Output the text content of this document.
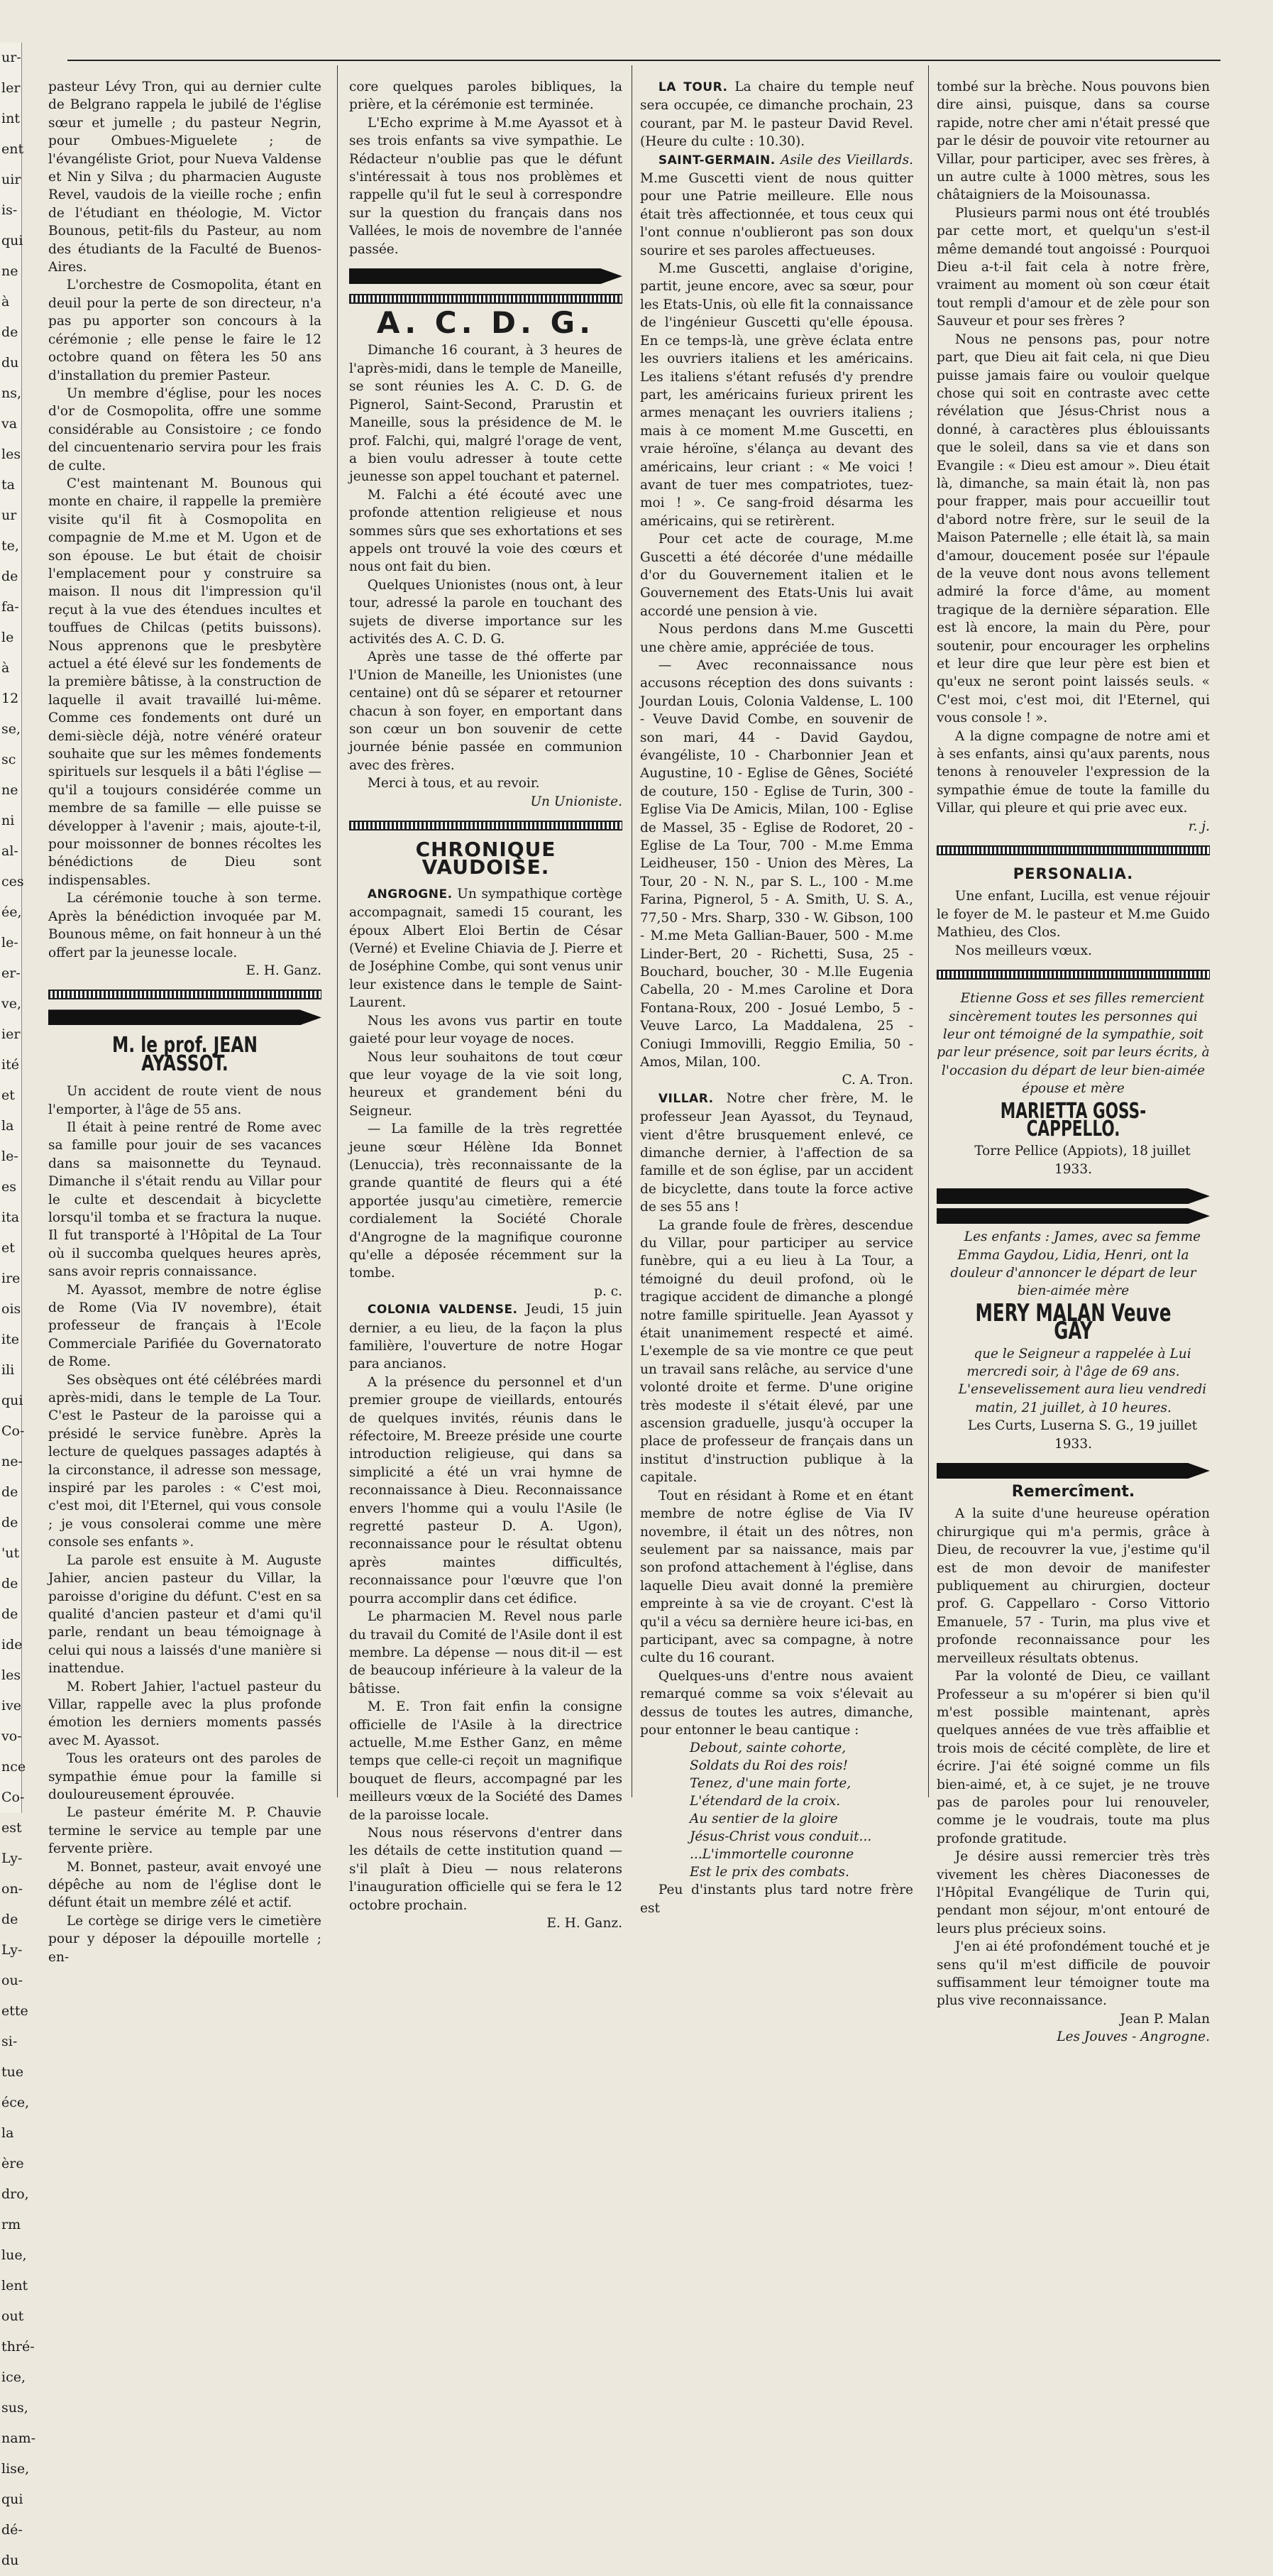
ur-
ler
int
ent
uir
is-
qui
ne
à
de
du
ns,
va
les
ta
ur
te,
de
fa-
le
à
12
se,
sc
ne
ni
al-
ces
ée,
le-
er-
ve,
ier
ité
et
la
le-
es
ita
et
ire
ois
ite
ili
qui
Co-
ne-
de
de
'ut
de
de
ide
les
ive
vo-
nce
Co-
est
Ly-
on-
de
Ly-
ou-
ette
si-
tue
éce,
la
ère
dro,
rm
lue,
lent
out
thré-
ice,
sus,
nam-
lise,
qui
dé-
du

pasteur Lévy Tron, qui au dernier culte de Belgrano rappela le jubilé de l'église sœur et jumelle ; du pasteur Negrin, pour Ombues-Miguelete ; de l'évangéliste Griot, pour Nueva Valdense et Nin y Silva ; du pharmacien Auguste Revel, vaudois de la vieille roche ; enfin de l'étudiant en théologie, M. Victor Bounous, petit-fils du Pasteur, au nom des étudiants de la Faculté de Buenos-Aires.

L'orchestre de Cosmopolita, étant en deuil pour la perte de son directeur, n'a pas pu apporter son concours à la cérémonie ; elle pense le faire le 12 octobre quand on fêtera les 50 ans d'installation du premier Pasteur.

Un membre d'église, pour les noces d'or de Cosmopolita, offre une somme considérable au Consistoire ; ce fondo del cincuentenario servira pour les frais de culte.

C'est maintenant M. Bounous qui monte en chaire, il rappelle la première visite qu'il fit à Cosmopolita en compagnie de M.me et M. Ugon et de son épouse. Le but était de choisir l'emplacement pour y construire sa maison. Il nous dit l'impression qu'il reçut à la vue des étendues incultes et touffues de Chilcas (petits buissons). Nous apprenons que le presbytère actuel a été élevé sur les fondements de la première bâtisse, à la construction de laquelle il avait travaillé lui-même. Comme ces fondements ont duré un demi-siècle déjà, notre vénéré orateur souhaite que sur les mêmes fondements spirituels sur lesquels il a bâti l'église — qu'il a toujours considérée comme un membre de sa famille — elle puisse se développer à l'avenir ; mais, ajoute-t-il, pour moissonner de bonnes récoltes les bénédictions de Dieu sont indispensables.

La cérémonie touche à son terme. Après la bénédiction invoquée par M. Bounous même, on fait honneur à un thé offert par la jeunesse locale.

E. H. Ganz.

M. le prof. JEAN AYASSOT.

Un accident de route vient de nous l'emporter, à l'âge de 55 ans.

Il était à peine rentré de Rome avec sa famille pour jouir de ses vacances dans sa maisonnette du Teynaud. Dimanche il s'était rendu au Villar pour le culte et descendait à bicyclette lorsqu'il tomba et se fractura la nuque. Il fut transporté à l'Hôpital de La Tour où il succomba quelques heures après, sans avoir repris connaissance.

M. Ayassot, membre de notre église de Rome (Via IV novembre), était professeur de français à l'Ecole Commerciale Parifiée du Governatorato de Rome.

Ses obsèques ont été célébrées mardi après-midi, dans le temple de La Tour. C'est le Pasteur de la paroisse qui a présidé le service funèbre. Après la lecture de quelques passages adaptés à la circonstance, il adresse son message, inspiré par les paroles : « C'est moi, c'est moi, dit l'Eternel, qui vous console ; je vous consolerai comme une mère console ses enfants ».

La parole est ensuite à M. Auguste Jahier, ancien pasteur du Villar, la paroisse d'origine du défunt. C'est en sa qualité d'ancien pasteur et d'ami qu'il parle, rendant un beau témoignage à celui qui nous a laissés d'une manière si inattendue.

M. Robert Jahier, l'actuel pasteur du Villar, rappelle avec la plus profonde émotion les derniers moments passés avec M. Ayassot.

Tous les orateurs ont des paroles de sympathie émue pour la famille si douloureusement éprouvée.

Le pasteur émérite M. P. Chauvie termine le service au temple par une fervente prière.

M. Bonnet, pasteur, avait envoyé une dépêche au nom de l'église dont le défunt était un membre zélé et actif.

Le cortège se dirige vers le cimetière pour y déposer la dépouille mortelle ; en-

core quelques paroles bibliques, la prière, et la cérémonie est terminée.

L'Echo exprime à M.me Ayassot et à ses trois enfants sa vive sympathie. Le Rédacteur n'oublie pas que le défunt s'intéressait à tous nos problèmes et rappelle qu'il fut le seul à correspondre sur la question du français dans nos Vallées, le mois de novembre de l'année passée.

A. C. D. G.

Dimanche 16 courant, à 3 heures de l'après-midi, dans le temple de Maneille, se sont réunies les A. C. D. G. de Pignerol, Saint-Second, Prarustin et Maneille, sous la présidence de M. le prof. Falchi, qui, malgré l'orage de vent, a bien voulu adresser à toute cette jeunesse son appel touchant et paternel.

M. Falchi a été écouté avec une profonde attention religieuse et nous sommes sûrs que ses exhortations et ses appels ont trouvé la voie des cœurs et nous ont fait du bien.

Quelques Unionistes (nous ont, à leur tour, adressé la parole en touchant des sujets de diverse importance sur les activités des A. C. D. G.

Après une tasse de thé offerte par l'Union de Maneille, les Unionistes (une centaine) ont dû se séparer et retourner chacun à son foyer, en emportant dans son cœur un bon souvenir de cette journée bénie passée en communion avec des frères.

Merci à tous, et au revoir.

Un Unioniste.

CHRONIQUE VAUDOISE.

ANGROGNE. Un sympathique cortège accompagnait, samedi 15 courant, les époux Albert Eloi Bertin de César (Verné) et Eveline Chiavia de J. Pierre et de Joséphine Combe, qui sont venus unir leur existence dans le temple de Saint-Laurent.

Nous les avons vus partir en toute gaieté pour leur voyage de noces.

Nous leur souhaitons de tout cœur que leur voyage de la vie soit long, heureux et grandement béni du Seigneur.

— La famille de la très regrettée jeune sœur Hélène Ida Bonnet (Lenuccia), très reconnaissante de la grande quantité de fleurs qui a été apportée jusqu'au cimetière, remercie cordialement la Société Chorale d'Angrogne de la magnifique couronne qu'elle a déposée récemment sur la tombe.

p. c.

COLONIA VALDENSE. Jeudi, 15 juin dernier, a eu lieu, de la façon la plus familière, l'ouverture de notre Hogar para ancianos.

A la présence du personnel et d'un premier groupe de vieillards, entourés de quelques invités, réunis dans le réfectoire, M. Breeze préside une courte introduction religieuse, qui dans sa simplicité a été un vrai hymne de reconnaissance à Dieu. Reconnaissance envers l'homme qui a voulu l'Asile (le regretté pasteur D. A. Ugon), reconnaissance pour le résultat obtenu après maintes difficultés, reconnaissance pour l'œuvre que l'on pourra accomplir dans cet édifice.

Le pharmacien M. Revel nous parle du travail du Comité de l'Asile dont il est membre. La dépense — nous dit-il — est de beaucoup inférieure à la valeur de la bâtisse.

M. E. Tron fait enfin la consigne officielle de l'Asile à la directrice actuelle, M.me Esther Ganz, en même temps que celle-ci reçoit un magnifique bouquet de fleurs, accompagné par les meilleurs vœux de la Société des Dames de la paroisse locale.

Nous nous réservons d'entrer dans les détails de cette institution quand — s'il plaît à Dieu — nous relaterons l'inauguration officielle qui se fera le 12 octobre prochain.

E. H. Ganz.

LA TOUR. La chaire du temple neuf sera occupée, ce dimanche prochain, 23 courant, par M. le pasteur David Revel. (Heure du culte : 10.30).

SAINT-GERMAIN. Asile des Vieillards. M.me Guscetti vient de nous quitter pour une Patrie meilleure. Elle nous était très affectionnée, et tous ceux qui l'ont connue n'oublieront pas son doux sourire et ses paroles affectueuses.

M.me Guscetti, anglaise d'origine, partit, jeune encore, avec sa sœur, pour les Etats-Unis, où elle fit la connaissance de l'ingénieur Guscetti qu'elle épousa. En ce temps-là, une grève éclata entre les ouvriers italiens et les américains. Les italiens s'étant refusés d'y prendre part, les américains furieux prirent les armes menaçant les ouvriers italiens ; mais à ce moment M.me Guscetti, en vraie héroïne, s'élança au devant des américains, leur criant : « Me voici ! avant de tuer mes compatriotes, tuez-moi ! ». Ce sang-froid désarma les américains, qui se retirèrent.

Pour cet acte de courage, M.me Guscetti a été décorée d'une médaille d'or du Gouvernement italien et le Gouvernement des Etats-Unis lui avait accordé une pension à vie.

Nous perdons dans M.me Guscetti une chère amie, appréciée de tous.

— Avec reconnaissance nous accusons réception des dons suivants : Jourdan Louis, Colonia Valdense, L. 100 - Veuve David Combe, en souvenir de son mari, 44 - David Gaydou, évangéliste, 10 - Charbonnier Jean et Augustine, 10 - Eglise de Gênes, Société de couture, 150 - Eglise de Turin, 300 - Eglise Via De Amicis, Milan, 100 - Eglise de Massel, 35 - Eglise de Rodoret, 20 - Eglise de La Tour, 700 - M.me Emma Leidheuser, 150 - Union des Mères, La Tour, 20 - N. N., par S. L., 100 - M.me Farina, Pignerol, 5 - A. Smith, U. S. A., 77,50 - Mrs. Sharp, 330 - W. Gibson, 100 - M.me Meta Gallian-Bauer, 500 - M.me Linder-Bert, 20 - Richetti, Susa, 25 - Bouchard, boucher, 30 - M.lle Eugenia Cabella, 20 - M.mes Caroline et Dora Fontana-Roux, 200 - Josué Lembo, 5 - Veuve Larco, La Maddalena, 25 - Coniugi Immovilli, Reggio Emilia, 50 - Amos, Milan, 100.

C. A. Tron.

VILLAR. Notre cher frère, M. le professeur Jean Ayassot, du Teynaud, vient d'être brusquement enlevé, ce dimanche dernier, à l'affection de sa famille et de son église, par un accident de bicyclette, dans toute la force active de ses 55 ans !

La grande foule de frères, descendue du Villar, pour participer au service funèbre, qui a eu lieu à La Tour, a témoigné du deuil profond, où le tragique accident de dimanche a plongé notre famille spirituelle. Jean Ayassot y était unanimement respecté et aimé. L'exemple de sa vie montre ce que peut un travail sans relâche, au service d'une volonté droite et ferme. D'une origine très modeste il s'était élevé, par une ascension graduelle, jusqu'à occuper la place de professeur de français dans un institut d'instruction publique à la capitale.

Tout en résidant à Rome et en étant membre de notre église de Via IV novembre, il était un des nôtres, non seulement par sa naissance, mais par son profond attachement à l'église, dans laquelle Dieu avait donné la première empreinte à sa vie de croyant. C'est là qu'il a vécu sa dernière heure ici-bas, en participant, avec sa compagne, à notre culte du 16 courant.

Quelques-uns d'entre nous avaient remarqué comme sa voix s'élevait au dessus de toutes les autres, dimanche, pour entonner le beau cantique :

Debout, sainte cohorte,
Soldats du Roi des rois!
Tenez, d'une main forte,
L'étendard de la croix.
Au sentier de la gloire
Jésus-Christ vous conduit...
...L'immortelle couronne
Est le prix des combats.

Peu d'instants plus tard notre frère est

tombé sur la brèche. Nous pouvons bien dire ainsi, puisque, dans sa course rapide, notre cher ami n'était pressé que par le désir de pouvoir vite retourner au Villar, pour participer, avec ses frères, à un autre culte à 1000 mètres, sous les châtaigniers de la Moisounassa.

Plusieurs parmi nous ont été troublés par cette mort, et quelqu'un s'est-il même demandé tout angoissé : Pourquoi Dieu a-t-il fait cela à notre frère, vraiment au moment où son cœur était tout rempli d'amour et de zèle pour son Sauveur et pour ses frères ?

Nous ne pensons pas, pour notre part, que Dieu ait fait cela, ni que Dieu puisse jamais faire ou vouloir quelque chose qui soit en contraste avec cette révélation que Jésus-Christ nous a donné, à caractères plus éblouissants que le soleil, dans sa vie et dans son Evangile : « Dieu est amour ». Dieu était là, dimanche, sa main était là, non pas pour frapper, mais pour accueillir tout d'abord notre frère, sur le seuil de la Maison Paternelle ; elle était là, sa main d'amour, doucement posée sur l'épaule de la veuve dont nous avons tellement admiré la force d'âme, au moment tragique de la dernière séparation. Elle est là encore, la main du Père, pour soutenir, pour encourager les orphelins et leur dire que leur père est bien et qu'eux ne seront point laissés seuls. « C'est moi, c'est moi, dit l'Eternel, qui vous console ! ».

A la digne compagne de notre ami et à ses enfants, ainsi qu'aux parents, nous tenons à renouveler l'expression de la sympathie émue de toute la famille du Villar, qui pleure et qui prie avec eux.

r. j.

PERSONALIA.

Une enfant, Lucilla, est venue réjouir le foyer de M. le pasteur et M.me Guido Mathieu, des Clos.

Nos meilleurs vœux.

Etienne Goss et ses filles remercient sincèrement toutes les personnes qui leur ont témoigné de la sympathie, soit par leur présence, soit par leurs écrits, à l'occasion du départ de leur bien-aimée épouse et mère

MARIETTA GOSS-CAPPELLO.

Torre Pellice (Appiots), 18 juillet 1933.

Les enfants : James, avec sa femme Emma Gaydou, Lidia, Henri, ont la douleur d'annoncer le départ de leur bien-aimée mère

MERY MALAN Veuve GAY

que le Seigneur a rappelée à Lui mercredi soir, à l'âge de 69 ans.

L'ensevelissement aura lieu vendredi matin, 21 juillet, à 10 heures.

Les Curts, Luserna S. G., 19 juillet 1933.

Remercîment.

A la suite d'une heureuse opération chirurgique qui m'a permis, grâce à Dieu, de recouvrer la vue, j'estime qu'il est de mon devoir de manifester publiquement au chirurgien, docteur prof. G. Cappellaro - Corso Vittorio Emanuele, 57 - Turin, ma plus vive et profonde reconnaissance pour les merveilleux résultats obtenus.

Par la volonté de Dieu, ce vaillant Professeur a su m'opérer si bien qu'il m'est possible maintenant, après quelques années de vue très affaiblie et trois mois de cécité complète, de lire et écrire. J'ai été soigné comme un fils bien-aimé, et, à ce sujet, je ne trouve pas de paroles pour lui renouveler, comme je le voudrais, toute ma plus profonde gratitude.

Je désire aussi remercier très très vivement les chères Diaconesses de l'Hôpital Evangélique de Turin qui, pendant mon séjour, m'ont entouré de leurs plus précieux soins.

J'en ai été profondément touché et je sens qu'il m'est difficile de pouvoir suffisamment leur témoigner toute ma plus vive reconnaissance.

Jean P. Malan

Les Jouves - Angrogne.
